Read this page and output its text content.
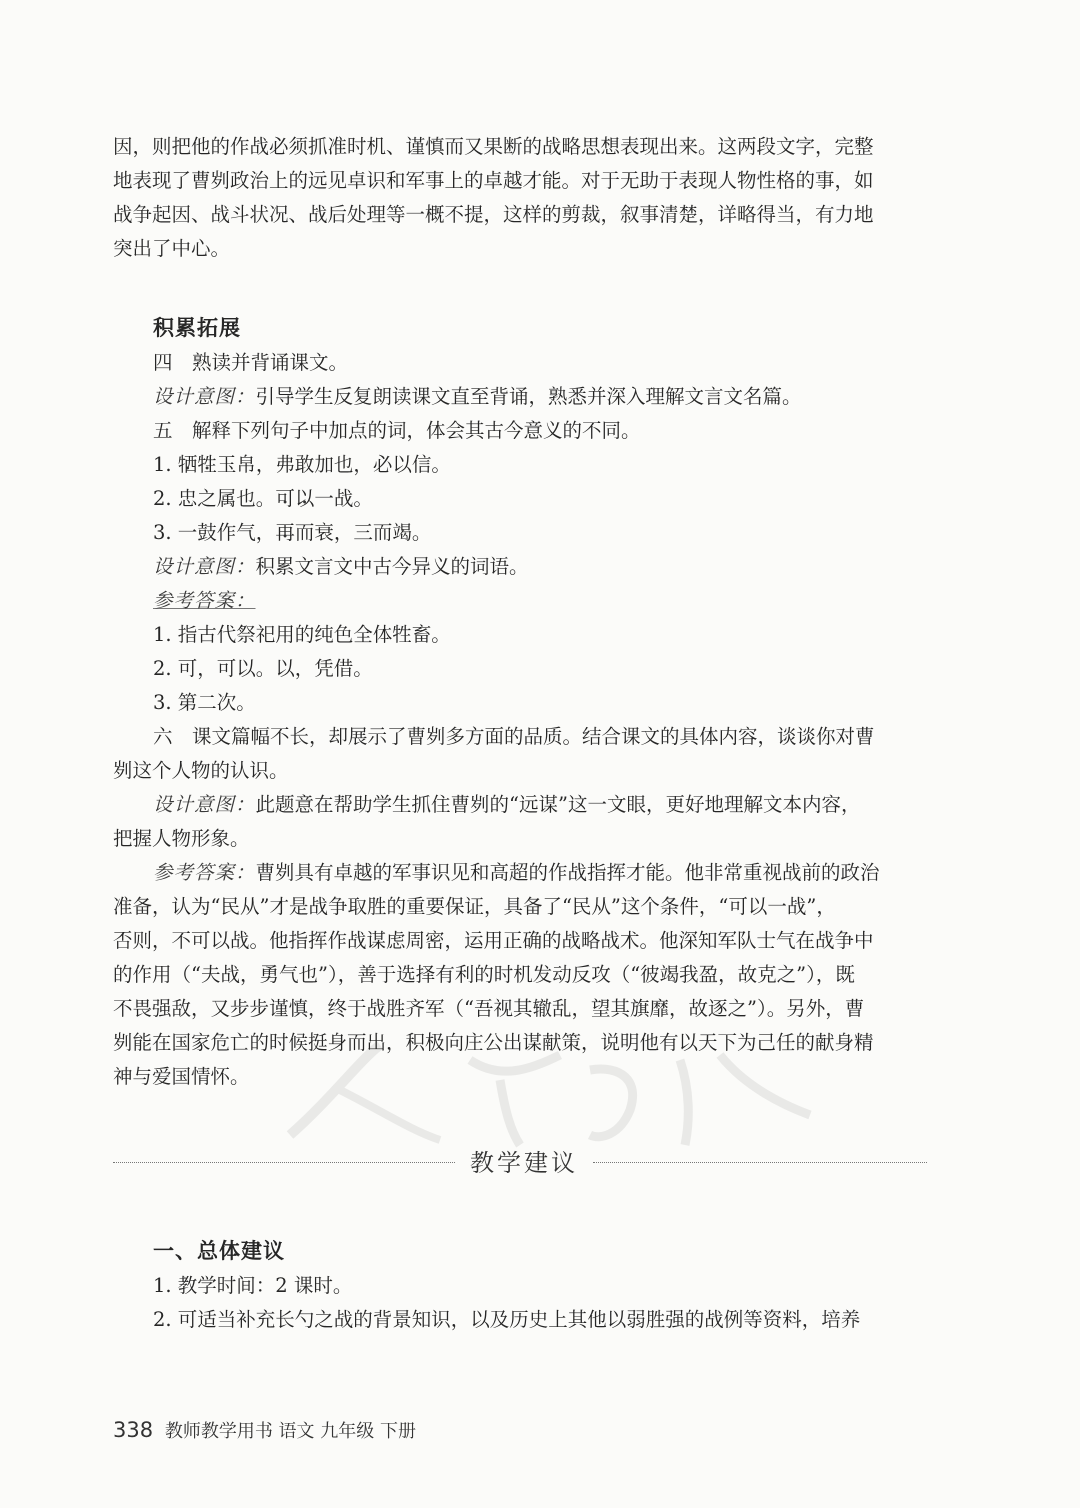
因，则把他的作战必须抓准时机、谨慎而又果断的战略思想表现出来。这两段文字，完整
地表现了曹刿政治上的远见卓识和军事上的卓越才能。对于无助于表现人物性格的事，如
战争起因、战斗状况、战后处理等一概不提，这样的剪裁，叙事清楚，详略得当，有力地
突出了中心。
积累拓展
四　熟读并背诵课文。
设计意图：引导学生反复朗读课文直至背诵，熟悉并深入理解文言文名篇。
五　解释下列句子中加点的词，体会其古今意义的不同。
1. 牺 •牲 •玉帛，弗敢加也，必以信。
2. 忠之属也。可 •以 •一战。
3. 一鼓作气，再 •而衰，三而竭。
设计意图：积累文言文中古今异义的词语。
参考答案：
1. 指古代祭祀用的纯色全体牲畜。
2. 可，可以。以，凭借。
3. 第二次。
六　课文篇幅不长，却展示了曹刿多方面的品质。结合课文的具体内容，谈谈你对曹
刿这个人物的认识。
设计意图：此题意在帮助学生抓住曹刿的“远谋”这一文眼，更好地理解文本内容，
把握人物形象。
参考答案：曹刿具有卓越的军事识见和高超的作战指挥才能。他非常重视战前的政治
准备，认为“民从”才是战争取胜的重要保证，具备了“民从”这个条件，“可以一战”，
否则，不可以战。他指挥作战谋虑周密，运用正确的战略战术。他深知军队士气在战争中
的作用（“夫战，勇气也”），善于选择有利的时机发动反攻（“彼竭我盈，故克之”），既
不畏强敌，又步步谨慎，终于战胜齐军（“吾视其辙乱，望其旗靡，故逐之”）。另外，曹
刿能在国家危亡的时候挺身而出，积极向庄公出谋献策，说明他有以天下为己任的献身精
神与爱国情怀。
教学建议
一、总体建议
1. 教学时间：2 课时。
2. 可适当补充长勺之战的背景知识，以及历史上其他以弱胜强的战例等资料，培养
338 教师教学用书 语文 九年级 下册
